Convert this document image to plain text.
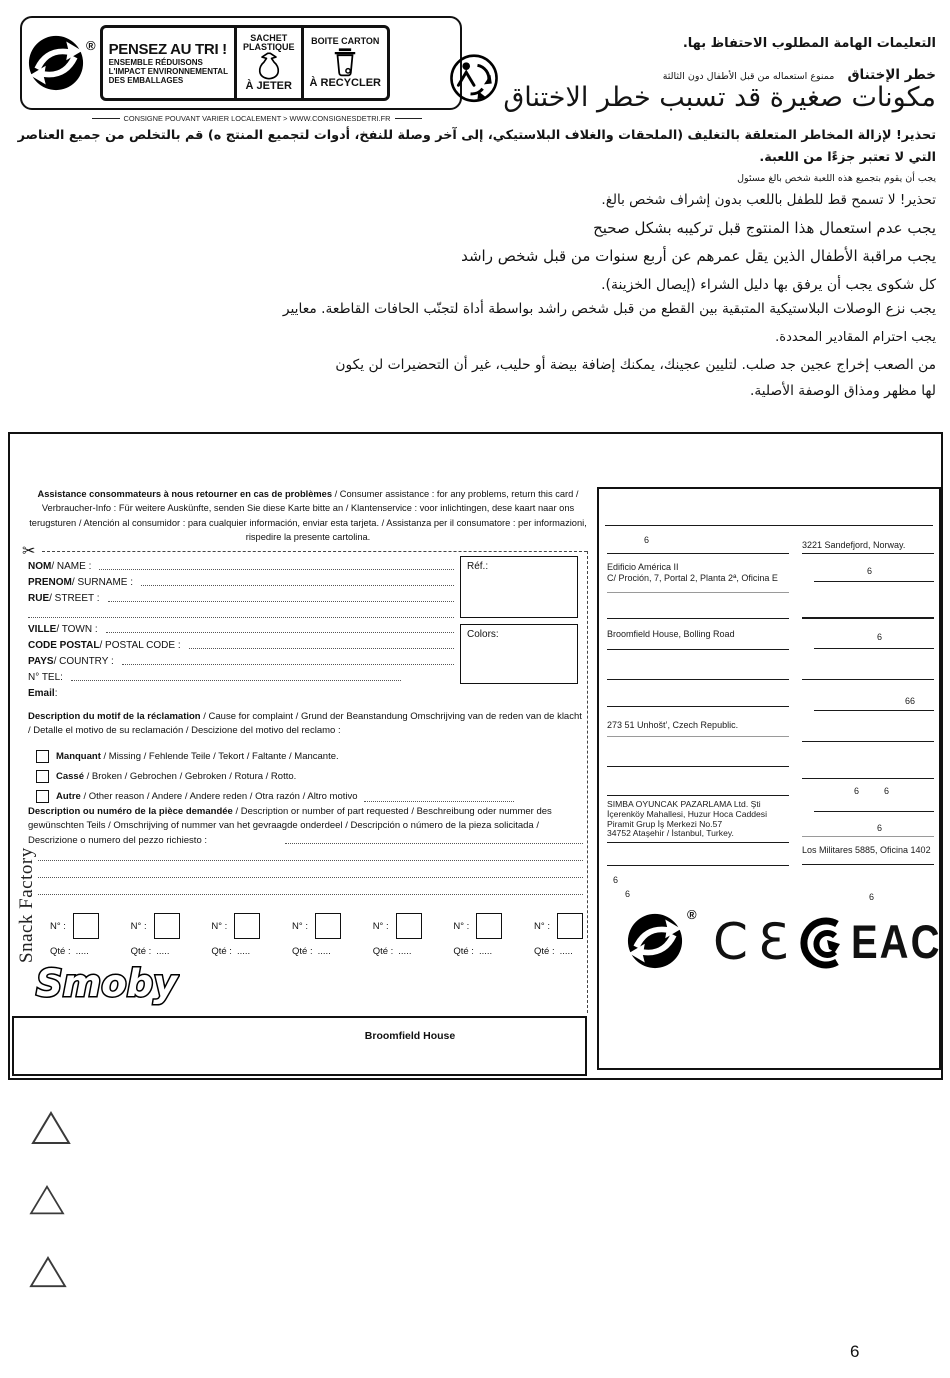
® PENSEZ AU TRI !
ENSEMBLE RÉDUISONS
L'IMPACT ENVIRONNEMENTAL
DES EMBALLAGES
SACHET
PLASTIQUE
À JETER
BOITE CARTON
À RECYCLER
CONSIGNE POUVANT VARIER LOCALEMENT > WWW.CONSIGNESDETRI.FR
التعليمات الهامة المطلوب الاحتفاظ بها.
خطر الإختناق ممنوع استعماله من قبل الأطفال دون الثالثة
مكونات صغيرة قد تسبب خطر الاختناق
تحذير! لإزالة المخاطر المتعلقة بالتغليف (الملحقات والغلاف البلاستيكي، إلى آخر وصلة للنفخ، أدوات لتجميع المنتج ه) قم بالتخلص من جميع العناصر
التي لا تعتبر جزءًا من اللعبة.
يجب أن يقوم بتجميع هذه اللعبة شخص بالغ مسئول
تحذير! لا تسمح قط للطفل باللعب بدون إشراف شخص بالغ.
يجب عدم استعمال هذا المنتوج قبل تركيبه بشكل صحيح
يجب مراقبة الأطفال الذين يقل عمرهم عن أربع سنوات من قبل شخص راشد
كل شكوى يجب أن يرفق بها دليل الشراء (إيصال الخزينة).
يجب نزع الوصلات البلاستيكية المتبقية بين القطع من قبل شخص راشد بواسطة أداة لتجنّب الحافات القاطعة. معايير
يجب احترام المقادير المحددة.
من الصعب إخراج عجين جد صلب. لتليين عجينك، يمكنك إضافة بيضة أو حليب، غير أن التحضيرات لن يكون
لها مظهر ومذاق الوصفة الأصلية.

Assistance consommateurs à nous retourner en cas de problèmes / Consumer assistance : for any problems, return this card / Verbraucher-Info : Für weitere Auskünfte, senden Sie diese Karte bitte an / Klantenservice : voor inlichtingen, dese kaart naar ons terugsturen / Atención al consumidor : para cualquier información, enviar esta tarjeta. / Assistanza per il consumatore : per informazioni, rispedire la presente cartolina.

✂
NOM / NAME :
PRENOM / SURNAME :
RUE / STREET :
VILLE / TOWN :
CODE POSTAL / POSTAL CODE :
PAYS / COUNTRY :
N° TEL :
Email :
Réf.:
Colors:

Description du motif de la réclamation / Cause for complaint / Grund der Beanstandung Omschrijving van de reden van de klacht / Detalle el motivo de su reclamación / Descizione del motivo del reclamo :

Manquant / Missing / Fehlende Teile / Tekort / Faltante / Mancante.
Cassé / Broken / Gebrochen / Gebroken / Rotura / Rotto.
Autre / Other reason / Andere / Andere reden / Otra razón / Altro motivo

Description ou numéro de la pièce demandée / Description or number of part requested / Beschreibung oder nummer des gewünschten Teils / Omschrijving of nummer van het gevraagde onderdeel / Descripción o número de la pieza solicitada / Descrizione o numero del pezzo richiesto :

N° :
Qté : .....
N° :
Qté : .....
N° :
Qté : .....
N° :
Qté : .....
N° :
Qté : .....
N° :
Qté : .....
N° :
Qté : .....
Smoby
Snack Factory
Broomfield House
6
Edificio América II
C/ Proción, 7, Portal 2, Planta 2ª, Oficina E
Broomfield House, Bolling Road
273 51 Unhošt’, Czech Republic.
SIMBA OYUNCAK PAZARLAMA Ltd. Şti
İçerenköy Mahallesi, Huzur Hoca Caddesi
Piramit Grup İş Merkezi No.57
34752 Ataşehir / İstanbul, Turkey.
6
6
3221 Sandefjord, Norway.
6
6
66
6	6
6
Los Militares 5885, Oficina 1402
6
® CƐ EAC
6
